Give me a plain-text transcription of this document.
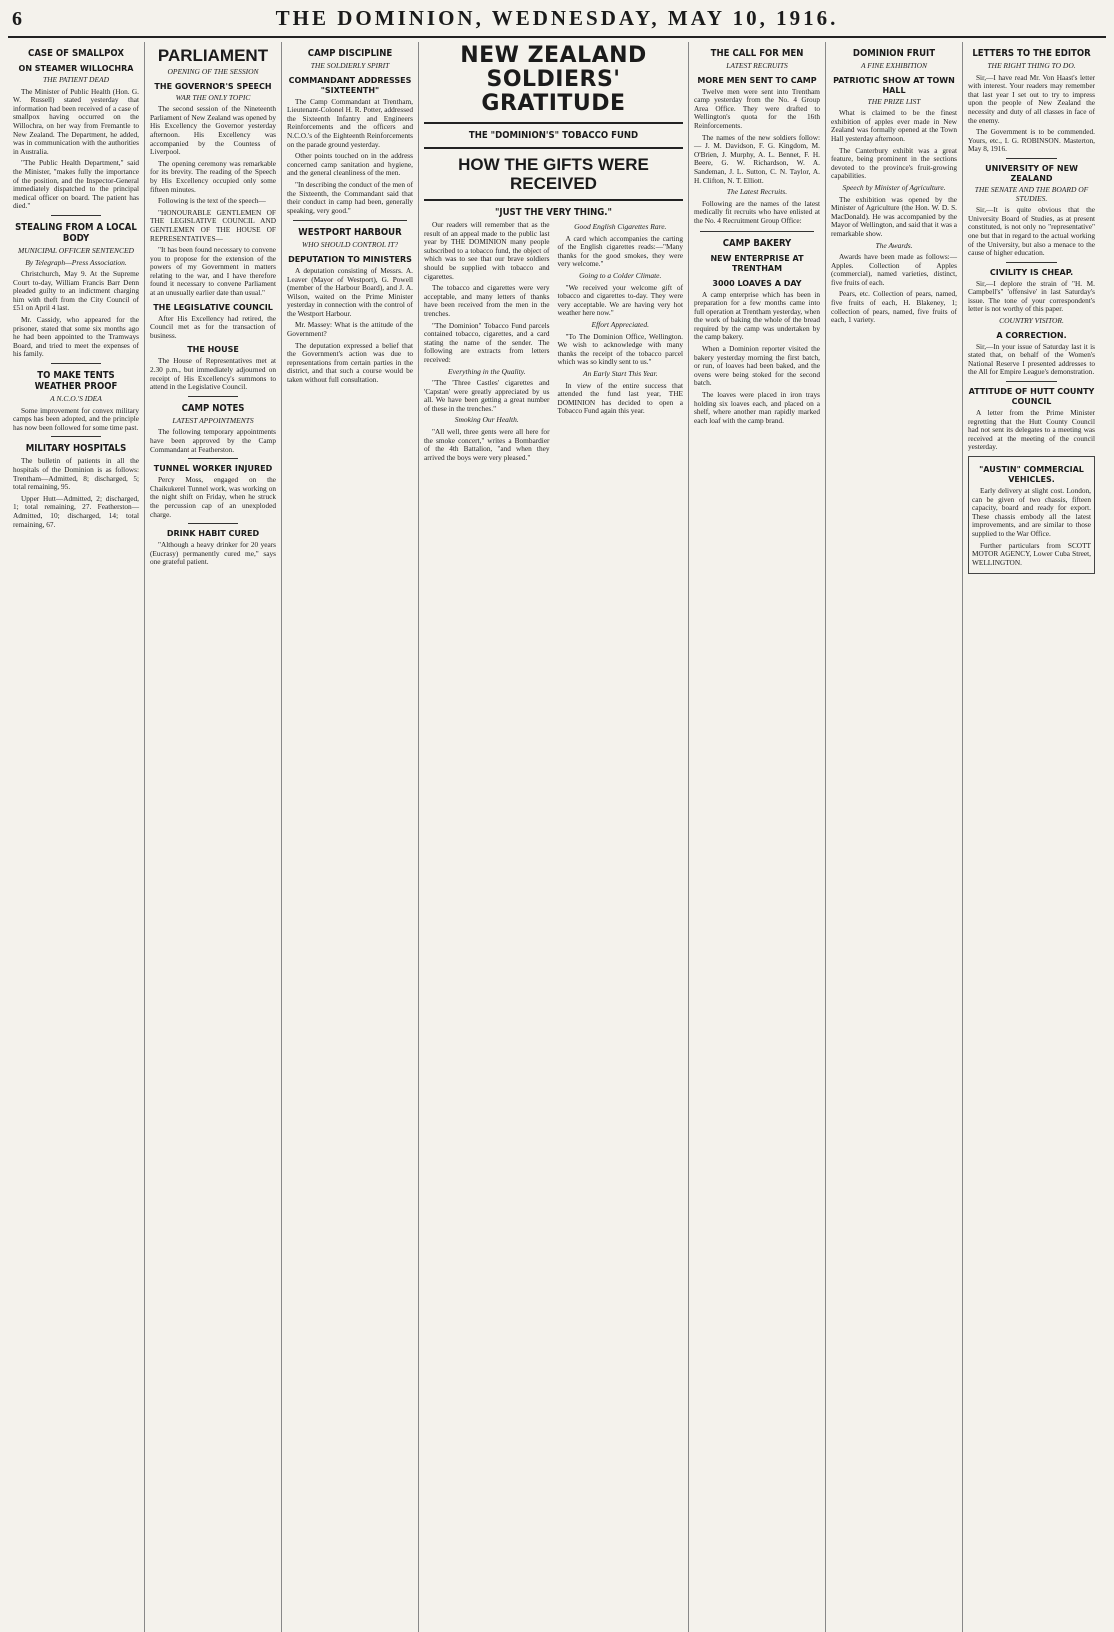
6	THE DOMINION, WEDNESDAY, MAY 10, 1916.
CASE OF SMALLPOX
ON STEAMER WILLOCHRA
THE PATIENT DEAD

The Minister of Public Health (Hon. G. W. Russell) stated yesterday that information had been received of a case of smallpox having occurred on the Willochra, on her way from Fremantle to New Zealand. The Department, he added, was in communication with the authorities in Australia.

"The Public Health Department," said the Minister, "makes fully the importance of the position, and the Inspector-General immediately dispatched to the principal medical officer on board. The patient has died."

STEALING FROM A LOCAL BODY
MUNICIPAL OFFICER SENTENCED
By Telegraph—Press Association.

Christchurch, May 9. At the Supreme Court to-day, William Francis Barr Denn pleaded guilty to an indictment charging him with theft from the City Council of £51 on April 4 last.

Mr. Cassidy, who appeared for the prisoner, stated that some six months ago he had been appointed to the Tramways Board, and tried to meet the expenses of his family.

TO MAKE TENTS WEATHER PROOF
A N.C.O.'S IDEA

Some improvement for convex military camps has been adopted, and the principle has now been followed for some time past.

MILITARY HOSPITALS

The bulletin of patients in all the hospitals of the Dominion is as follows: Trentham—Admitted, 8; discharged, 5; total remaining, 95.

Upper Hutt—Admitted, 2; discharged, 1; total remaining, 27. Featherston—Admitted, 10; discharged, 14; total remaining, 67.

PARLIAMENT
OPENING OF THE SESSION
THE GOVERNOR'S SPEECH
WAR THE ONLY TOPIC

The second session of the Nineteenth Parliament of New Zealand was opened by His Excellency the Governor yesterday afternoon. His Excellency was accompanied by the Countess of Liverpool.

The opening ceremony was remarkable for its brevity. The reading of the Speech by His Excellency occupied only some fifteen minutes.

Following is the text of the speech—

"HONOURABLE GENTLEMEN OF THE LEGISLATIVE COUNCIL AND GENTLEMEN OF THE HOUSE OF REPRESENTATIVES—

"It has been found necessary to convene you to propose for the extension of the powers of my Government in matters relating to the war, and I have therefore found it necessary to convene Parliament at an unusually earlier date than usual."

THE LEGISLATIVE COUNCIL

After His Excellency had retired, the Council met as for the transaction of business.

THE HOUSE

The House of Representatives met at 2.30 p.m., but immediately adjourned on receipt of His Excellency's summons to attend in the Legislative Council.

CAMP NOTES
LATEST APPOINTMENTS

The following temporary appointments have been approved by the Camp Commandant at Featherston.

TUNNEL WORKER INJURED

Percy Moss, engaged on the Chaikukerel Tunnel work, was working on the night shift on Friday, when he struck the percussion cap of an unexploded charge.

DRINK HABIT CURED

"Although a heavy drinker for 20 years (Eucrasy) permanently cured me," says one grateful patient.

CAMP DISCIPLINE
THE SOLDIERLY SPIRIT
COMMANDANT ADDRESSES "SIXTEENTH"

The Camp Commandant at Trentham, Lieutenant-Colonel H. R. Potter, addressed the Sixteenth Infantry and Engineers Reinforcements and the officers and N.C.O.'s of the Eighteenth Reinforcements on the parade ground yesterday.

Other points touched on in the address concerned camp sanitation and hygiene, and the general cleanliness of the men.

"In describing the conduct of the men of the Sixteenth, the Commandant said that their conduct in camp had been, generally speaking, very good."

WESTPORT HARBOUR
WHO SHOULD CONTROL IT?
DEPUTATION TO MINISTERS

A deputation consisting of Messrs. A. Leaver (Mayor of Westport), G. Powell (member of the Harbour Board), and J. A. Wilson, waited on the Prime Minister yesterday in connection with the control of the Westport Harbour.

Mr. Massey: What is the attitude of the Government?

The deputation expressed a belief that the Government's action was due to representations from certain parties in the district, and that such a course would be taken without full consultation.

NEW ZEALAND SOLDIERS' GRATITUDE
THE "DOMINION'S" TOBACCO FUND
HOW THE GIFTS WERE RECEIVED
"JUST THE VERY THING."

Our readers will remember that as the result of an appeal made to the public last year by THE DOMINION many people subscribed to a tobacco fund, the object of which was to see that our brave soldiers should be supplied with tobacco and cigarettes.

The tobacco and cigarettes were very acceptable, and many letters of thanks have been received from the men in the trenches.

"The Dominion" Tobacco Fund parcels contained tobacco, cigarettes, and a card stating the name of the sender. The following are extracts from letters received:

Everything in the Quality.

"The 'Three Castles' cigarettes and 'Capstan' were greatly appreciated by us all. We have been getting a great number of these in the trenches."

Smoking Our Health.

"All well, three gents were all here for the smoke concert," writes a Bombardier of the 4th Battalion, "and when they arrived the boys were very pleased."

Good English Cigarettes Rare.

A card which accompanies the carting of the English cigarettes reads:—"Many thanks for the good smokes, they were very welcome."

Going to a Colder Climate.

"We received your welcome gift of tobacco and cigarettes to-day. They were very acceptable. We are having very hot weather here now."

Effort Appreciated.

"To The Dominion Office, Wellington. We wish to acknowledge with many thanks the receipt of the tobacco parcel which was so kindly sent to us."

An Early Start This Year.

In view of the entire success that attended the fund last year, THE DOMINION has decided to open a Tobacco Fund again this year.

THE CALL FOR MEN
LATEST RECRUITS
MORE MEN SENT TO CAMP

Twelve men were sent into Trentham camp yesterday from the No. 4 Group Area Office. They were drafted to Wellington's quota for the 16th Reinforcements.

The names of the new soldiers follow:— J. M. Davidson, F. G. Kingdom, M. O'Brien, J. Murphy, A. L. Bennet, F. H. Beere, G. W. Richardson, W. A. Sandeman, J. L. Sutton, C. N. Taylor, A. H. Clifton, N. T. Elliott.

The Latest Recruits.

Following are the names of the latest medically fit recruits who have enlisted at the No. 4 Recruitment Group Office:

CAMP BAKERY
NEW ENTERPRISE AT TRENTHAM
3000 LOAVES A DAY

A camp enterprise which has been in preparation for a few months came into full operation at Trentham yesterday, when the work of baking the whole of the bread required by the camp was undertaken by the camp bakery.

When a Dominion reporter visited the bakery yesterday morning the first batch, or run, of loaves had been baked, and the ovens were being stoked for the second batch.

The loaves were placed in iron trays holding six loaves each, and placed on a shelf, where another man rapidly marked each loaf with the camp brand.

DOMINION FRUIT
A FINE EXHIBITION
PATRIOTIC SHOW AT TOWN HALL
THE PRIZE LIST

What is claimed to be the finest exhibition of apples ever made in New Zealand was formally opened at the Town Hall yesterday afternoon.

The Canterbury exhibit was a great feature, being prominent in the sections devoted to the province's fruit-growing capabilities.

Speech by Minister of Agriculture.

The exhibition was opened by the Minister of Agriculture (the Hon. W. D. S. MacDonald). He was accompanied by the Mayor of Wellington, and said that it was a remarkable show.

The Awards.

Awards have been made as follows:— Apples. Collection of Apples (commercial), named varieties, distinct, five fruits of each.

Pears, etc. Collection of pears, named, five fruits of each, H. Blakeney, 1; collection of pears, named, five fruits of each, 1 variety.

LETTERS TO THE EDITOR
THE RIGHT THING TO DO.

Sir,—I have read Mr. Von Haast's letter with interest. Your readers may remember that last year I set out to try to impress upon the people of New Zealand the necessity and duty of all classes in face of the enemy.

The Government is to be commended. Yours, etc., I. G. ROBINSON. Masterton, May 8, 1916.

UNIVERSITY OF NEW ZEALAND
THE SENATE AND THE BOARD OF STUDIES.

Sir,—It is quite obvious that the University Board of Studies, as at present constituted, is not only no "representative" one but that in regard to the actual working of the University, but also a menace to the cause of higher education.

CIVILITY IS CHEAP.

Sir,—I deplore the strain of "H. M. Campbell's" 'offensive' in last Saturday's issue. The tone of your correspondent's letter is not worthy of this paper.

COUNTRY VISITOR.
A CORRECTION.

Sir,—In your issue of Saturday last it is stated that, on behalf of the Women's National Reserve I presented addresses to the All for Empire League's demonstration.

ATTITUDE OF HUTT COUNTY COUNCIL

A letter from the Prime Minister regretting that the Hutt County Council had not sent its delegates to a meeting was received at the meeting of the council yesterday.

"AUSTIN" COMMERCIAL VEHICLES.

Early delivery at slight cost. London, can be given of two chassis, fifteen capacity, board and ready for export. These chassis embody all the latest improvements, and are similar to those supplied to the War Office.

Further particulars from SCOTT MOTOR AGENCY, Lower Cuba Street, WELLINGTON.
